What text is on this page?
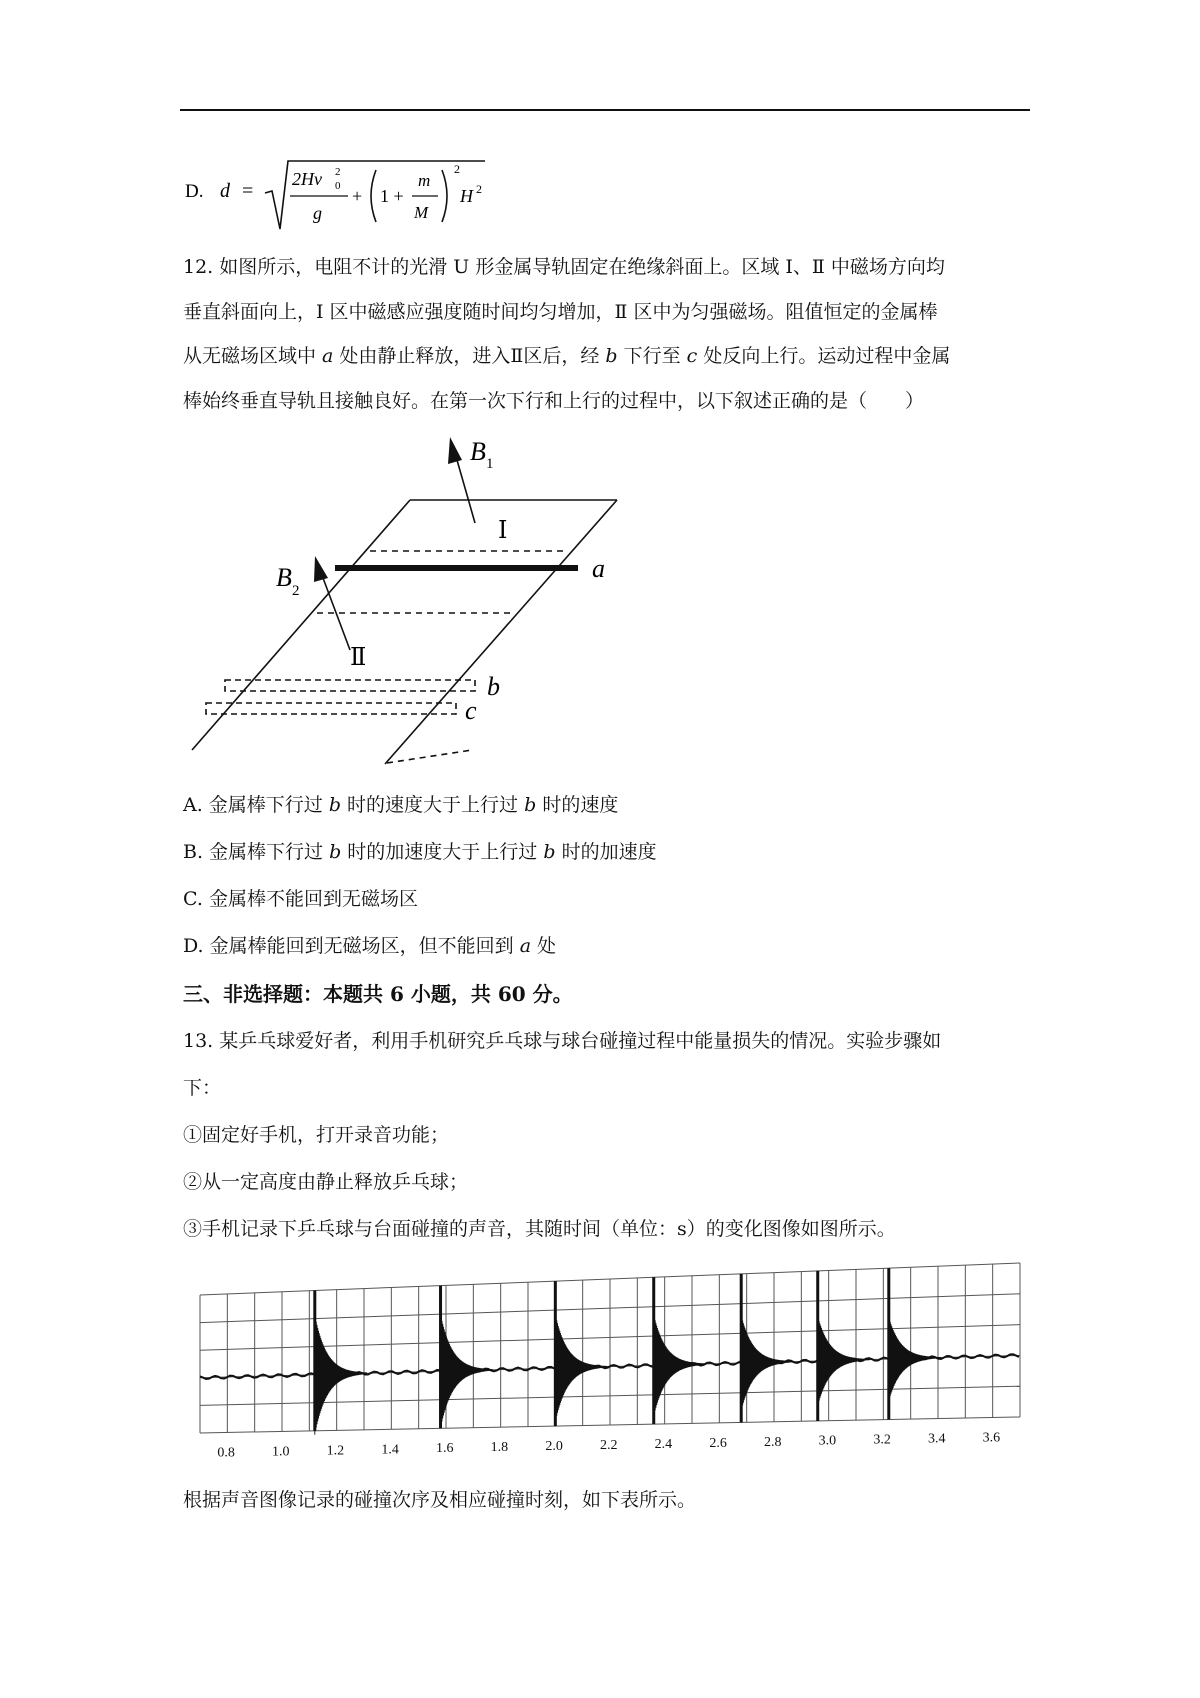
D. d =
2Hv 2
0
g
+ 1 +
m
M
2
H 2
12. 如图所示，电阻不计的光滑 U 形金属导轨固定在绝缘斜面上。区域 Ⅰ、Ⅱ 中磁场方向均
垂直斜面向上，Ⅰ 区中磁感应强度随时间均匀增加，Ⅱ 区中为匀强磁场。阻值恒定的金属棒
从无磁场区域中 a 处由静止释放，进入Ⅱ区后，经 b 下行至 c 处反向上行。运动过程中金属
棒始终垂直导轨且接触良好。在第一次下行和上行的过程中，以下叙述正确的是（　　）
B 1
B 2
Ⅰ
Ⅱ
a
b
c
A. 金属棒下行过 b 时的速度大于上行过 b 时的速度
B. 金属棒下行过 b 时的加速度大于上行过 b 时的加速度
C. 金属棒不能回到无磁场区
D. 金属棒能回到无磁场区，但不能回到 a 处
三、非选择题：本题共 6 小题，共 60 分。
13. 某乒乓球爱好者，利用手机研究乒乓球与球台碰撞过程中能量损失的情况。实验步骤如
下：
①固定好手机，打开录音功能；
②从一定高度由静止释放乒乓球；
③手机记录下乒乓球与台面碰撞的声音，其随时间（单位：s）的变化图像如图所示。
0.8	1.0	1.2	1.4	1.6	1.8	2.0	2.2	2.4	2.6	2.8	3.0	3.2	3.4	3.6
根据声音图像记录的碰撞次序及相应碰撞时刻，如下表所示。
